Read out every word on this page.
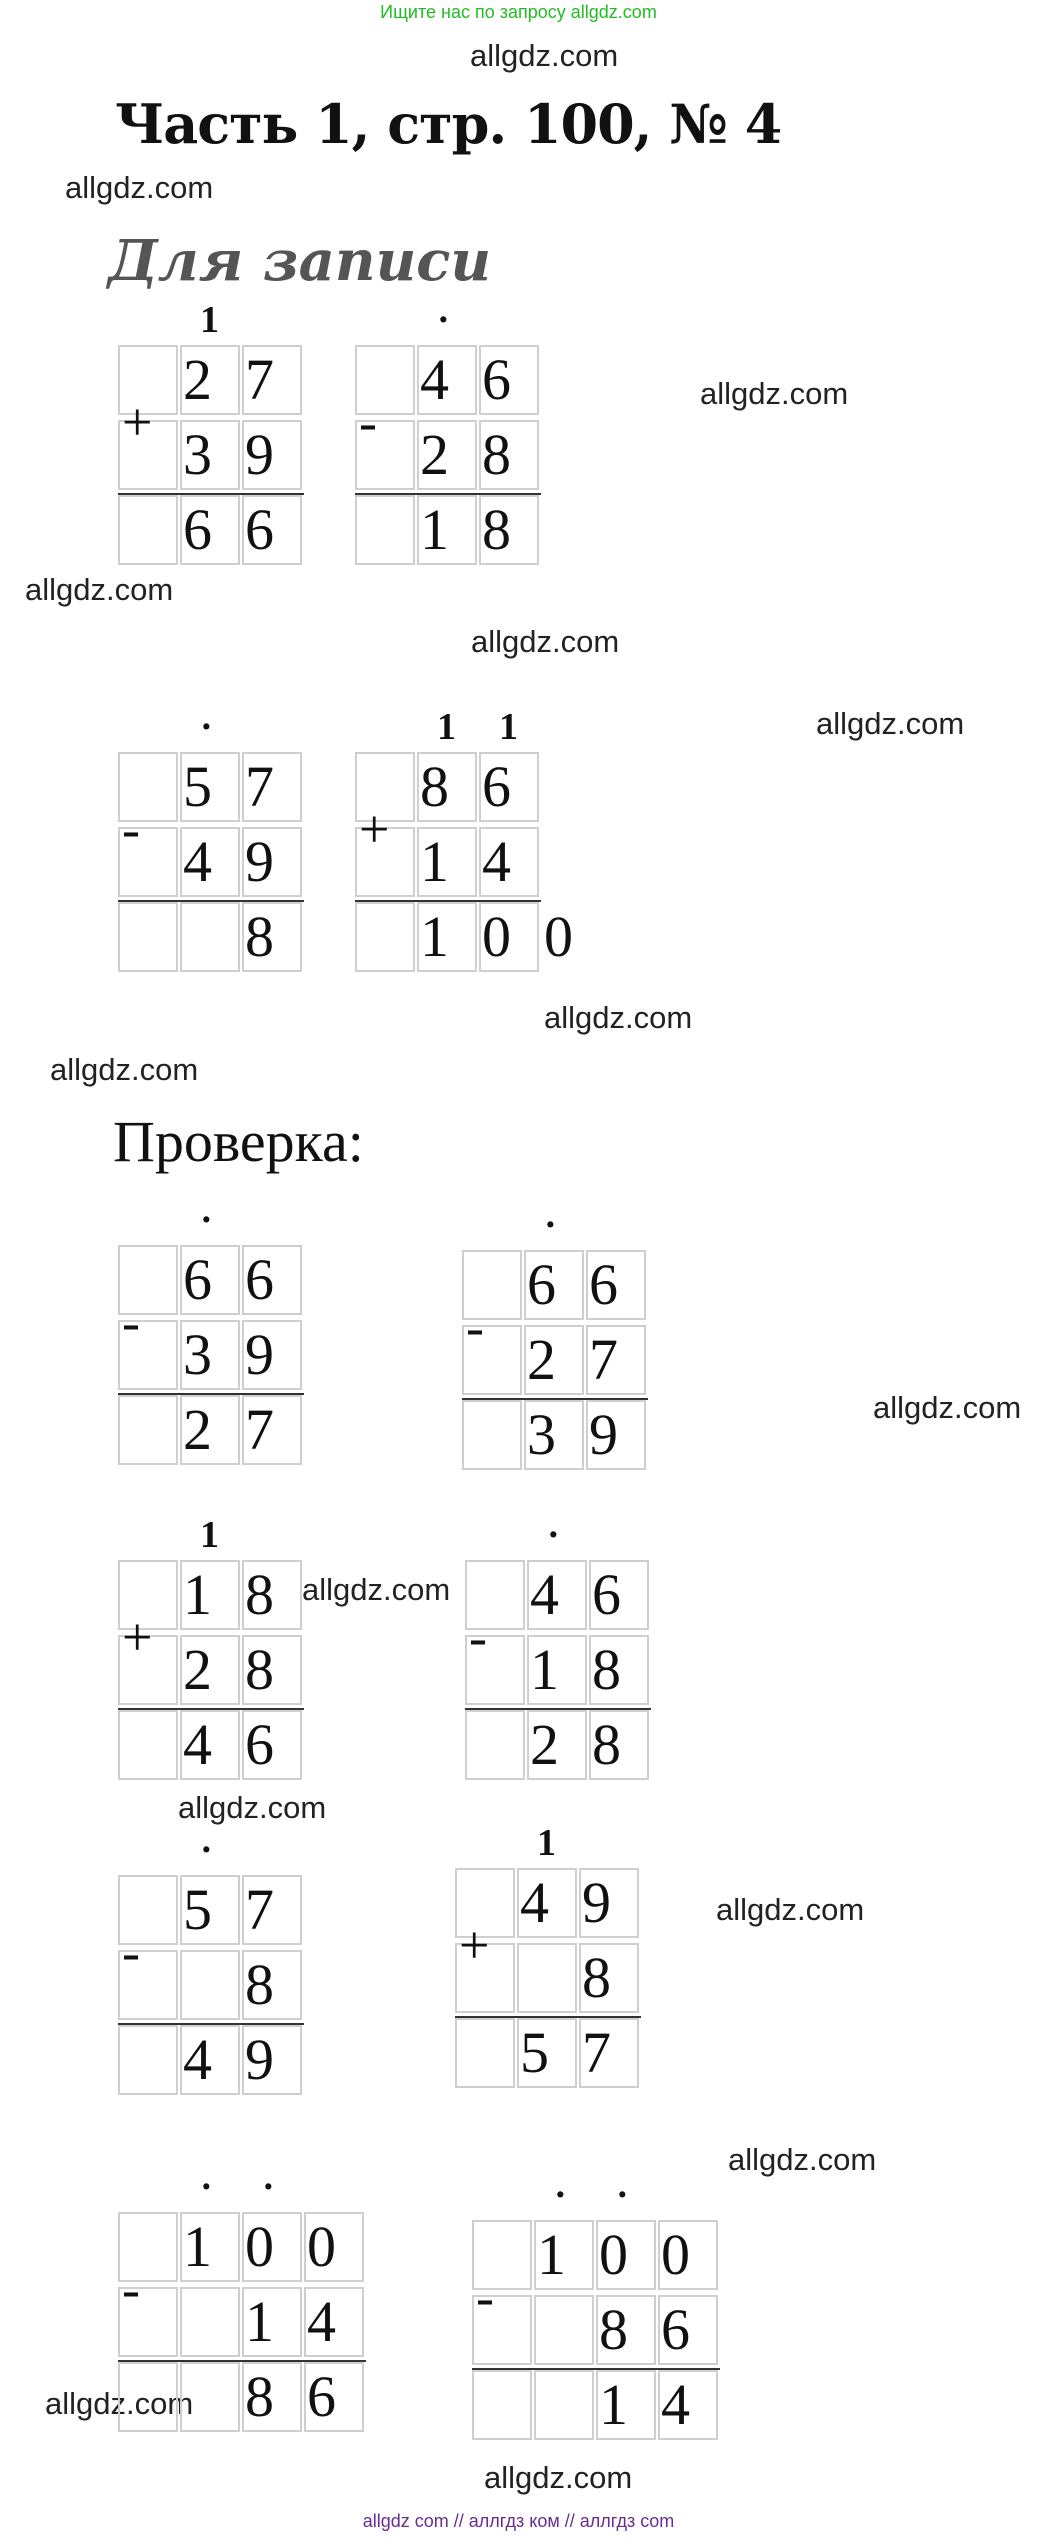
Ищите нас по запросу allgdz.com
allgdz.com
Часть 1, стр. 100, № 4
allgdz.com
Для записи
allgdz.com
allgdz.com
allgdz.com
allgdz.com
allgdz.com
allgdz.com
Проверка:
allgdz.com
allgdz.com
allgdz.com
allgdz.com
allgdz.com
allgdz.com
allgdz.com
allgdz com // аллгдз ком // аллгдз com
2 7
3 9
6 6
+
1
4 6
2 8
1 8
-
·
5 7
4 9
8
-
·
8 6
1 4
1 0 0
+
1 1
6 6
3 9
2 7
-
·
6 6
2 7
3 9
-
·
1 8
2 8
4 6
+
1
4 6
1 8
2 8
-
·
5 7
8
4 9
-
·
4 9
8
5 7
+
1
1 0 0
1 4
8 6
-
· ·
1 0 0
8 6
1 4
-
· ·
